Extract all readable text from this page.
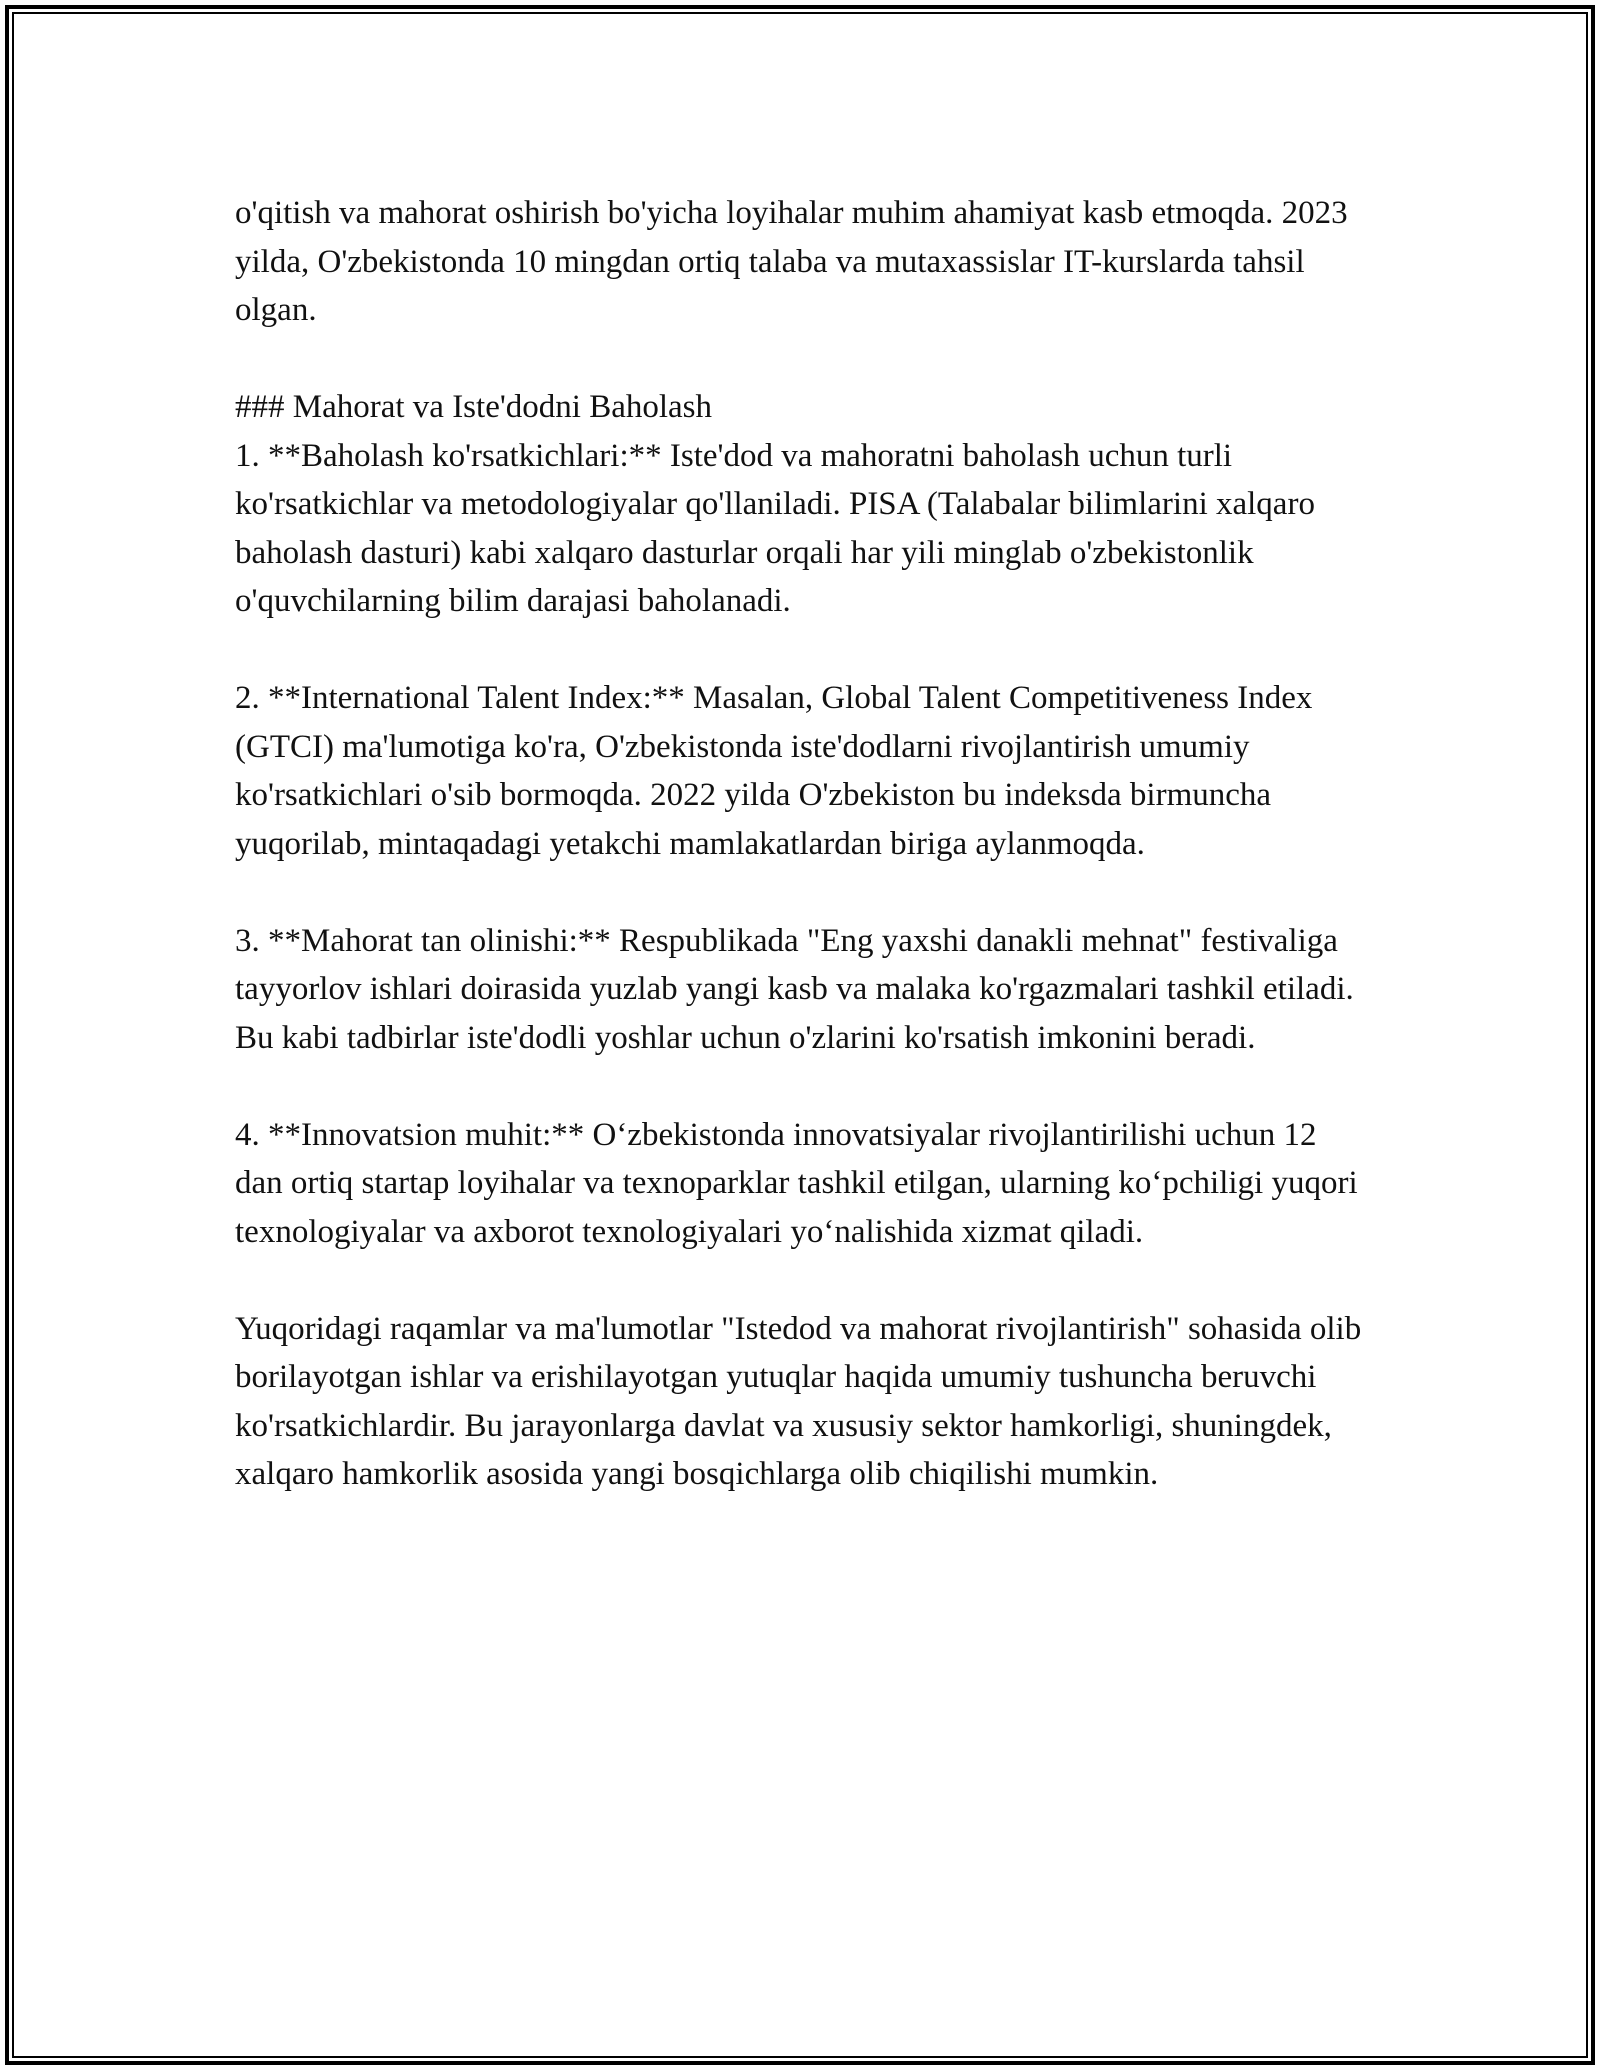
o'qitish va mahorat oshirish bo'yicha loyihalar muhim ahamiyat kasb etmoqda. 2023 yilda, O'zbekistonda 10 mingdan ortiq talaba va mutaxassislar IT-kurslarda tahsil olgan.

### Mahorat va Iste'dodni Baholash

1. **Baholash ko'rsatkichlari:** Iste'dod va mahoratni baholash uchun turli ko'rsatkichlar va metodologiyalar qo'llaniladi. PISA (Talabalar bilimlarini xalqaro baholash dasturi) kabi xalqaro dasturlar orqali har yili minglab o'zbekistonlik o'quvchilarning bilim darajasi baholanadi.

2. **International Talent Index:** Masalan, Global Talent Competitiveness Index (GTCI) ma'lumotiga ko'ra, O'zbekistonda iste'dodlarni rivojlantirish umumiy ko'rsatkichlari o'sib bormoqda. 2022 yilda O'zbekiston bu indeksda birmuncha yuqorilab, mintaqadagi yetakchi mamlakatlardan biriga aylanmoqda.

3. **Mahorat tan olinishi:** Respublikada "Eng yaxshi danakli mehnat" festivaliga tayyorlov ishlari doirasida yuzlab yangi kasb va malaka ko'rgazmalari tashkil etiladi. Bu kabi tadbirlar iste'dodli yoshlar uchun o'zlarini ko'rsatish imkonini beradi.

4. **Innovatsion muhit:** O‘zbekistonda innovatsiyalar rivojlantirilishi uchun 12 dan ortiq startap loyihalar va texnoparklar tashkil etilgan, ularning ko‘pchiligi yuqori texnologiyalar va axborot texnologiyalari yo‘nalishida xizmat qiladi.

Yuqoridagi raqamlar va ma'lumotlar "Istedod va mahorat rivojlantirish" sohasida olib borilayotgan ishlar va erishilayotgan yutuqlar haqida umumiy tushuncha beruvchi ko'rsatkichlardir. Bu jarayonlarga davlat va xususiy sektor hamkorligi, shuningdek, xalqaro hamkorlik asosida yangi bosqichlarga olib chiqilishi mumkin.
